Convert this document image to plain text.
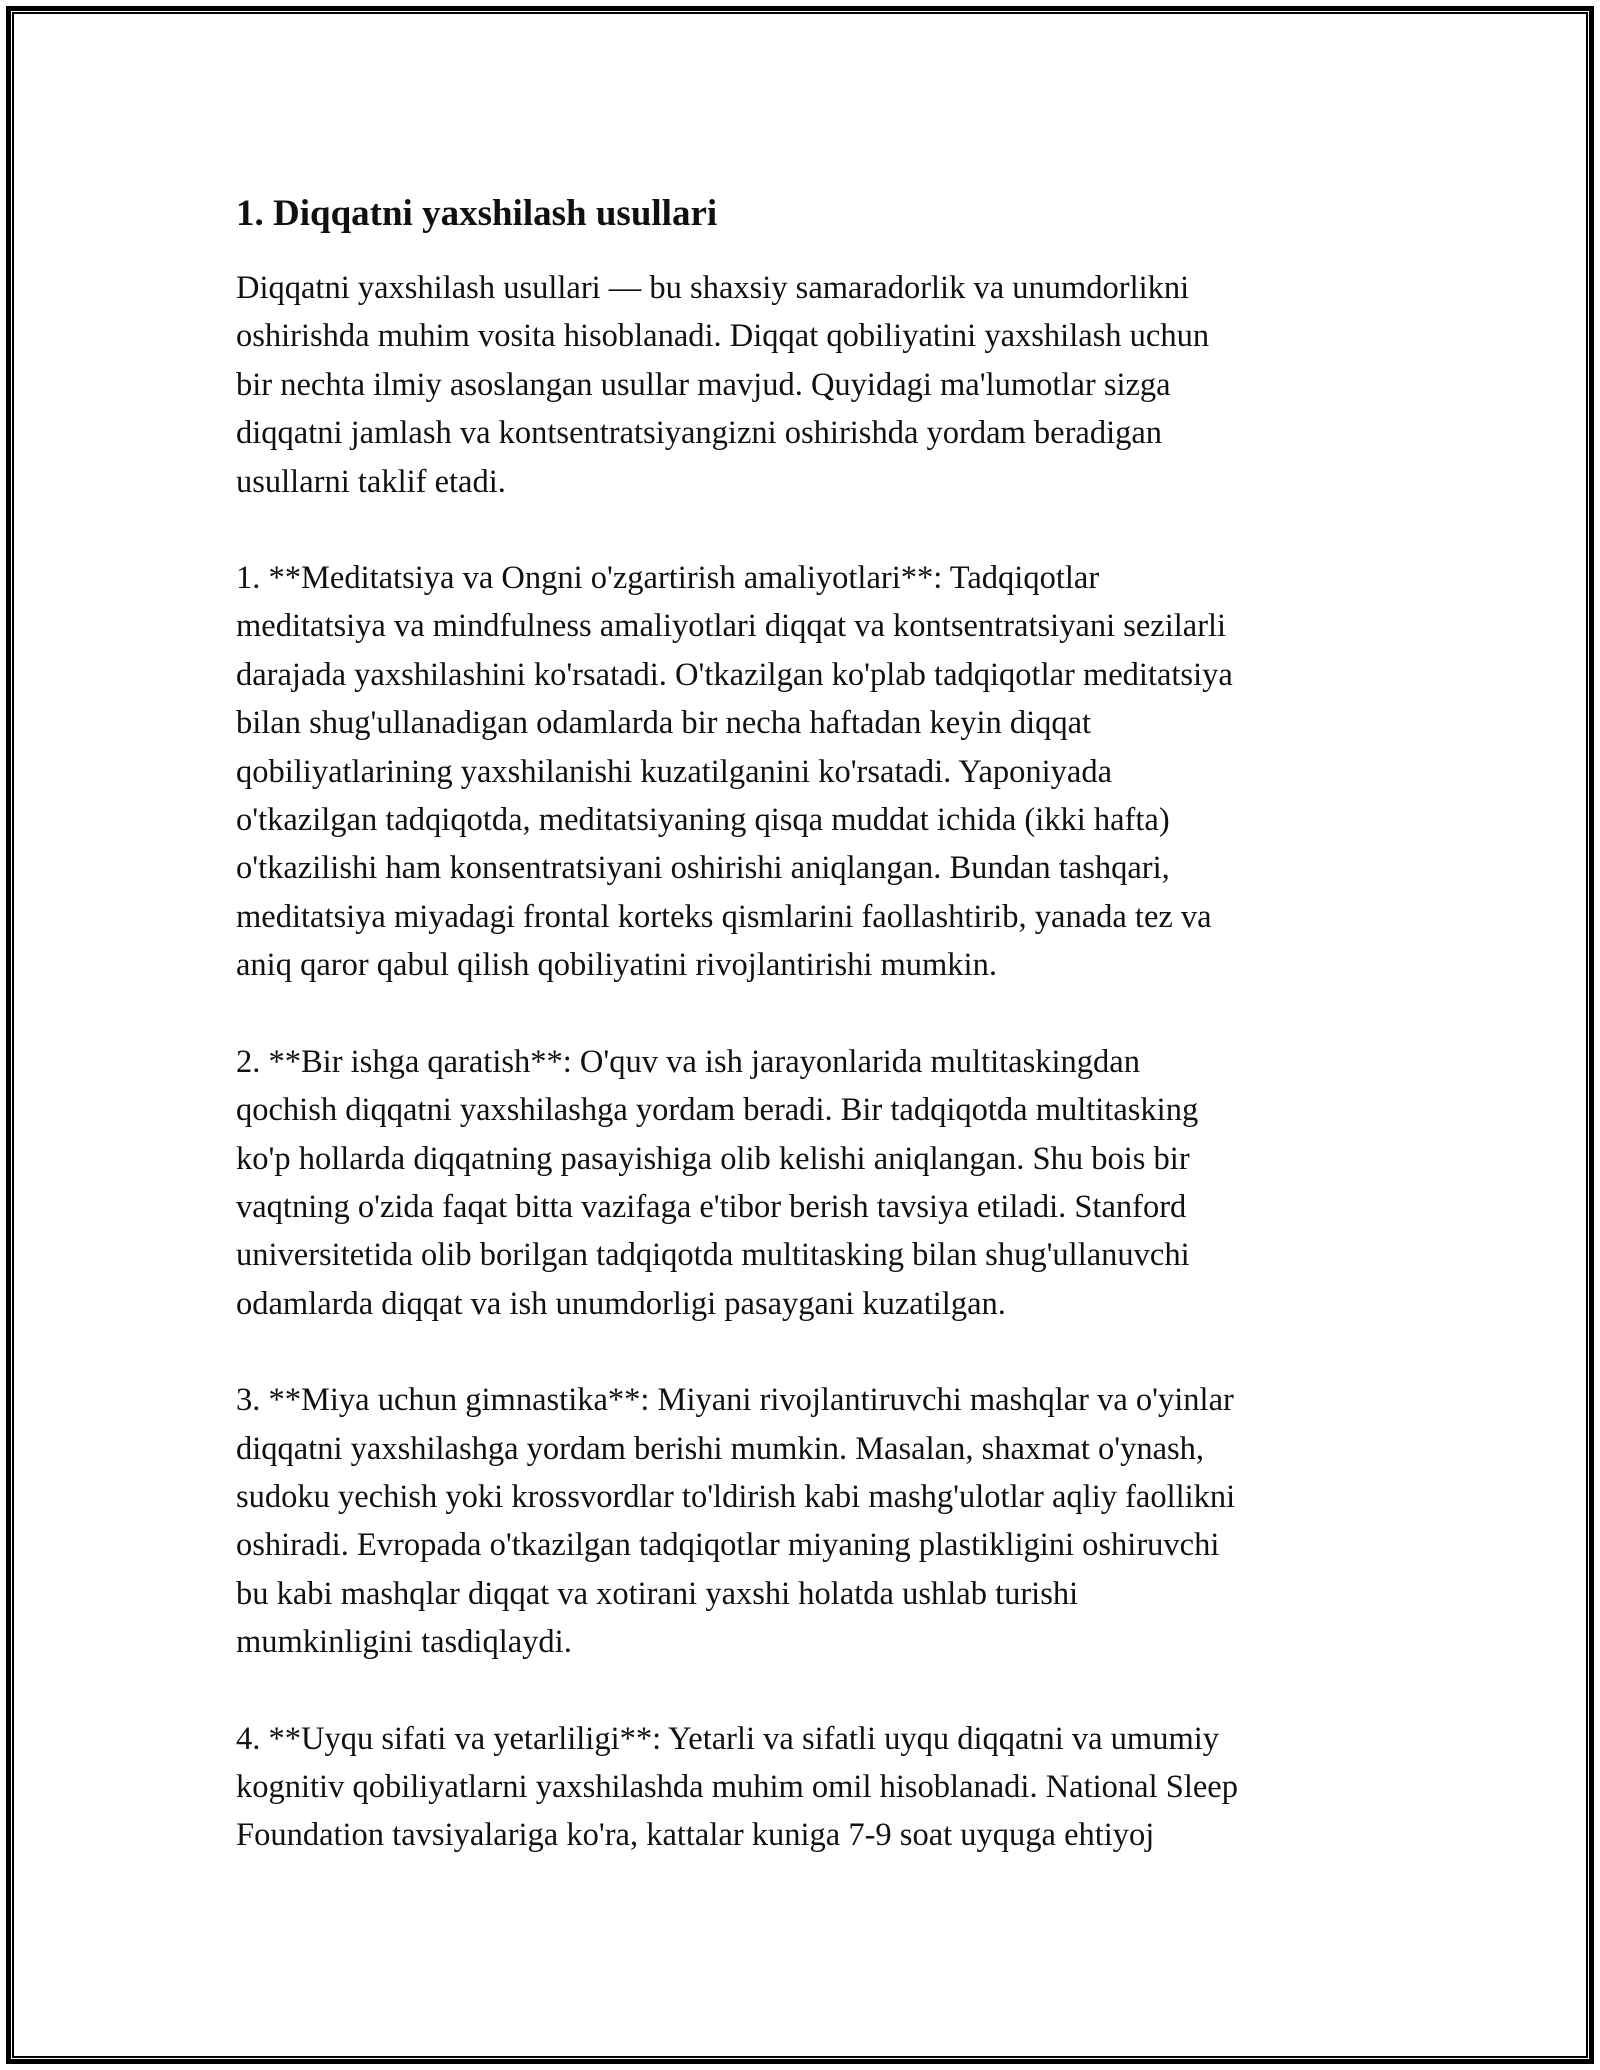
1. Diqqatni yaxshilash usullari

Diqqatni yaxshilash usullari — bu shaxsiy samaradorlik va unumdorlikni
oshirishda muhim vosita hisoblanadi. Diqqat qobiliyatini yaxshilash uchun
bir nechta ilmiy asoslangan usullar mavjud. Quyidagi ma'lumotlar sizga
diqqatni jamlash va kontsentratsiyangizni oshirishda yordam beradigan
usullarni taklif etadi.

1. **Meditatsiya va Ongni o'zgartirish amaliyotlari**: Tadqiqotlar
meditatsiya va mindfulness amaliyotlari diqqat va kontsentratsiyani sezilarli
darajada yaxshilashini ko'rsatadi. O'tkazilgan ko'plab tadqiqotlar meditatsiya
bilan shug'ullanadigan odamlarda bir necha haftadan keyin diqqat
qobiliyatlarining yaxshilanishi kuzatilganini ko'rsatadi. Yaponiyada
o'tkazilgan tadqiqotda, meditatsiyaning qisqa muddat ichida (ikki hafta)
o'tkazilishi ham konsentratsiyani oshirishi aniqlangan. Bundan tashqari,
meditatsiya miyadagi frontal korteks qismlarini faollashtirib, yanada tez va
aniq qaror qabul qilish qobiliyatini rivojlantirishi mumkin.

2. **Bir ishga qaratish**: O'quv va ish jarayonlarida multitaskingdan
qochish diqqatni yaxshilashga yordam beradi. Bir tadqiqotda multitasking
ko'p hollarda diqqatning pasayishiga olib kelishi aniqlangan. Shu bois bir
vaqtning o'zida faqat bitta vazifaga e'tibor berish tavsiya etiladi. Stanford
universitetida olib borilgan tadqiqotda multitasking bilan shug'ullanuvchi
odamlarda diqqat va ish unumdorligi pasaygani kuzatilgan.

3. **Miya uchun gimnastika**: Miyani rivojlantiruvchi mashqlar va o'yinlar
diqqatni yaxshilashga yordam berishi mumkin. Masalan, shaxmat o'ynash,
sudoku yechish yoki krossvordlar to'ldirish kabi mashg'ulotlar aqliy faollikni
oshiradi. Evropada o'tkazilgan tadqiqotlar miyaning plastikligini oshiruvchi
bu kabi mashqlar diqqat va xotirani yaxshi holatda ushlab turishi
mumkinligini tasdiqlaydi.

4. **Uyqu sifati va yetarliligi**: Yetarli va sifatli uyqu diqqatni va umumiy
kognitiv qobiliyatlarni yaxshilashda muhim omil hisoblanadi. National Sleep
Foundation tavsiyalariga ko'ra, kattalar kuniga 7-9 soat uyquga ehtiyoj
